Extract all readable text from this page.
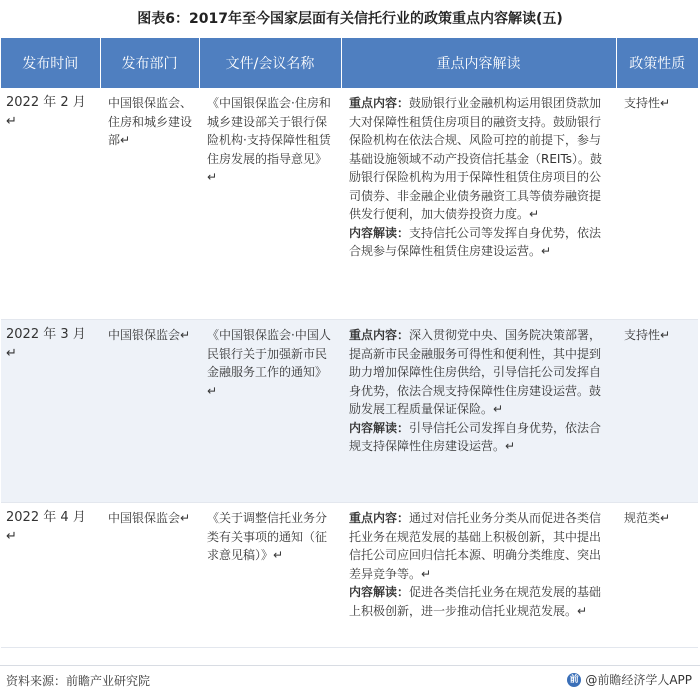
图表6：2017年至今国家层面有关信托行业的政策重点内容解读(五)
发布时间	发布部门	文件/会议名称	重点内容解读	政策性质
2022 年 2 月↵	中国银保监会、住房和城乡建设部↵	《中国银保监会·住房和城乡建设部关于银行保险机构·支持保障性租赁住房发展的指导意见》↵	重点内容：鼓励银行业金融机构运用银团贷款加大对保障性租赁住房项目的融资支持。鼓励银行保险机构在依法合规、风险可控的前提下，参与基础设施领域不动产投资信托基金（REITs）。鼓励银行保险机构为用于保障性租赁住房项目的公司债券、非金融企业债务融资工具等债券融资提供发行便利，加大债券投资力度。↵
内容解读：支持信托公司等发挥自身优势，依法合规参与保障性租赁住房建设运营。↵	支持性↵
2022 年 3 月↵	中国银保监会↵	《中国银保监会·中国人民银行关于加强新市民金融服务工作的通知》↵	重点内容：深入贯彻党中央、国务院决策部署，提高新市民金融服务可得性和便利性，其中提到助力增加保障性住房供给，引导信托公司发挥自身优势，依法合规支持保障性住房建设运营。鼓励发展工程质量保证保险。↵
内容解读：引导信托公司发挥自身优势，依法合规支持保障性住房建设运营。↵	支持性↵
2022 年 4 月↵	中国银保监会↵	《关于调整信托业务分类有关事项的通知（征求意见稿）》↵	重点内容：通过对信托业务分类从而促进各类信托业务在规范发展的基础上积极创新，其中提出信托公司应回归信托本源、明确分类维度、突出差异竞争等。↵
内容解读：促进各类信托业务在规范发展的基础上积极创新，进一步推动信托业规范发展。↵	规范类↵
资料来源：前瞻产业研究院	前 @前瞻经济学人APP
